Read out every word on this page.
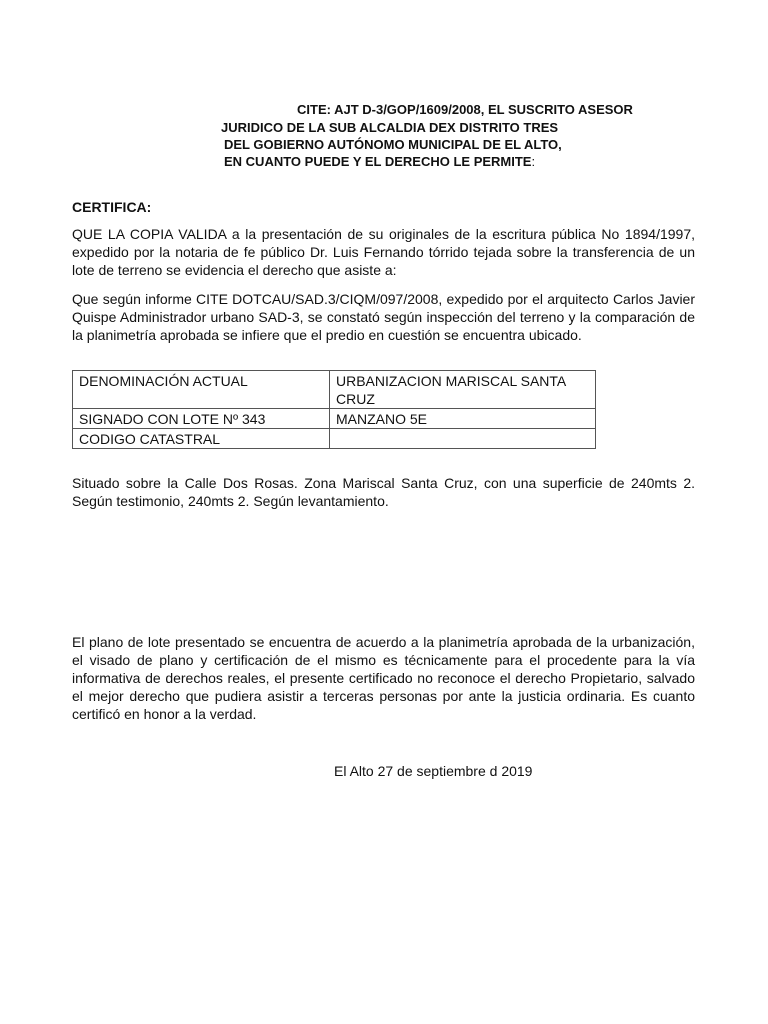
CITE: AJT D-3/GOP/1609/2008, EL SUSCRITO ASESOR
JURIDICO DE LA SUB ALCALDIA DEX DISTRITO TRES
DEL GOBIERNO AUTÓNOMO MUNICIPAL DE EL ALTO,
EN CUANTO PUEDE Y EL DERECHO LE PERMITE:
CERTIFICA:
QUE LA COPIA VALIDA a la presentación de su originales de la escritura pública No 1894/1997, expedido por la notaria de fe público Dr. Luis Fernando tórrido tejada sobre la transferencia de un lote de terreno se evidencia el derecho que asiste a:
Que según informe CITE DOTCAU/SAD.3/CIQM/097/2008, expedido por el arquitecto Carlos Javier Quispe Administrador urbano SAD-3, se constató según inspección del terreno y la comparación de la planimetría aprobada se infiere que el predio en cuestión se encuentra ubicado.
DENOMINACIÓN ACTUAL	URBANIZACION MARISCAL SANTA CRUZ
SIGNADO CON LOTE Nº 343	MANZANO 5E
CODIGO CATASTRAL	
Situado sobre la Calle Dos Rosas. Zona Mariscal Santa Cruz, con una superficie de 240mts 2. Según testimonio, 240mts 2. Según levantamiento.
El plano de lote presentado se encuentra de acuerdo a la planimetría aprobada de la urbanización, el visado de plano y certificación de el mismo es técnicamente para el procedente para la vía informativa de derechos reales, el presente certificado no reconoce el derecho Propietario, salvado el mejor derecho que pudiera asistir a terceras personas por ante la justicia ordinaria. Es cuanto certificó en honor a la verdad.
El Alto 27 de septiembre d 2019
